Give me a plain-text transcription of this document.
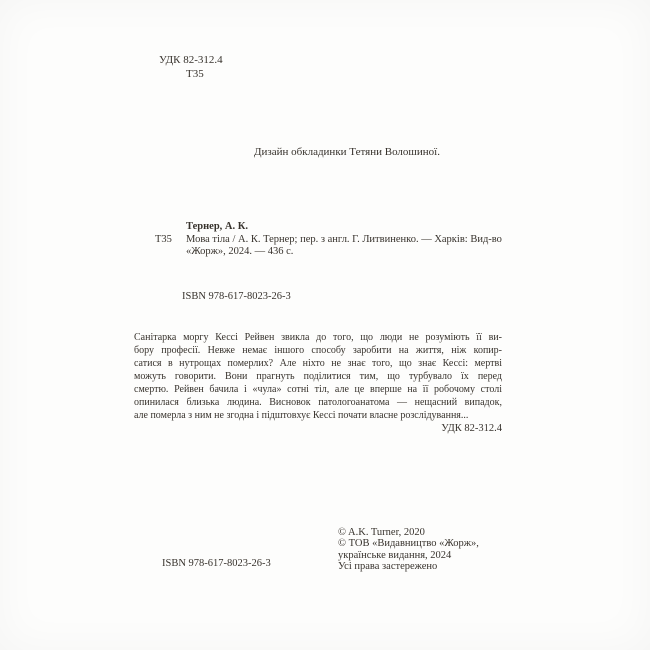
УДК 82-312.4
Т35
Дизайн обкладинки Тетяни Волошиної.
Тернер, А. К.
Т35 Мова тіла / А. К. Тернер; пер. з англ. Г. Литвиненко. — Харків: Вид-во
«Жорж», 2024. — 436 с.
ISBN 978-617-8023-26-3
Санітарка моргу Кессі Рейвен звикла до того, що люди не розуміють її ви-
бору професії. Невже немає іншого способу заробити на життя, ніж копир-
сатися в нутрощах померлих? Але ніхто не знає того, що знає Кессі: мертві
можуть говорити. Вони прагнуть поділитися тим, що турбувало їх перед
смертю. Рейвен бачила і «чула» сотні тіл, але це вперше на її робочому столі
опинилася близька людина. Висновок патологоанатома — нещасний випадок,
але померла з ним не згодна і підштовхує Кессі почати власне розслідування...
УДК 82-312.4
ISBN 978-617-8023-26-3
© A.K. Turner, 2020
© ТОВ «Видавництво «Жорж»,
українське видання, 2024
Усі права застережено
